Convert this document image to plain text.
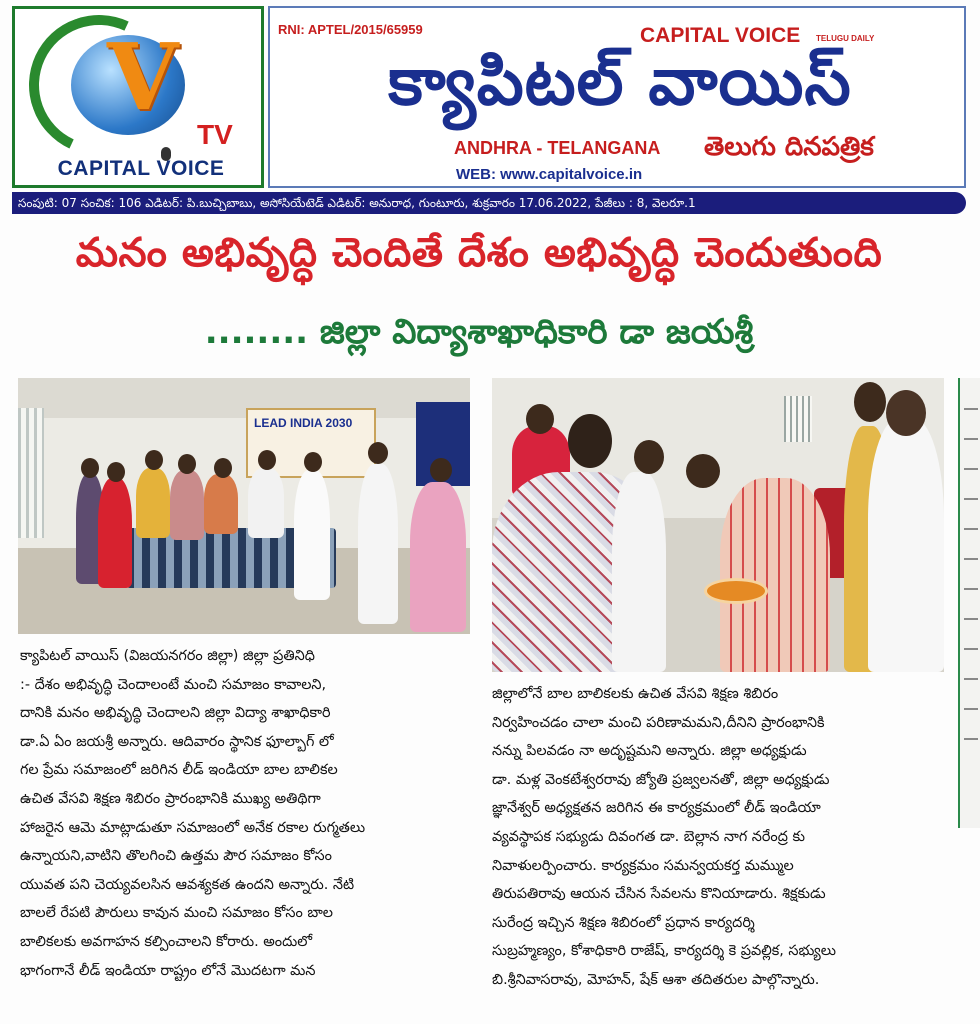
V
TV
CAPITAL VOICE
RNI: APTEL/2015/65959	CAPITAL VOICE TELUGU DAILY
క్యాపిటల్ వాయిస్
ANDHRA - TELANGANA తెలుగు దినపత్రిక
WEB: www.capitalvoice.in
సంపుటి: 07 సంచిక: 106 ఎడిటర్: పి.బుచ్చిబాబు, అసోసియేటెడ్ ఎడిటర్: అనురాధ, గుంటూరు, శుక్రవారం 17.06.2022, పేజీలు : 8, వెలరూ.1
మనం అభివృద్ధి చెందితే దేశం అభివృద్ధి చెందుతుంది
........ జిల్లా విద్యాశాఖాధికారి డా జయశ్రీ
LEAD INDIA 2030

క్యాపిటల్ వాయిస్ (విజయనగరం జిల్లా) జిల్లా ప్రతినిధి

:- దేశం అభివృద్ధి చెందాలంటే మంచి సమాజం కావాలని,

దానికి మనం అభివృద్ధి చెందాలని జిల్లా విద్యా శాఖాధికారి

డా.ఏ ఏం జయశ్రీ అన్నారు. ఆదివారం స్థానిక ఫూల్బాగ్ లో

గల ప్రేమ సమాజంలో జరిగిన లీడ్ ఇండియా బాల బాలికల

ఉచిత వేసవి శిక్షణ శిబిరం ప్రారంభానికి ముఖ్య అతిథిగా

హాజరైన ఆమె మాట్లాడుతూ సమాజంలో అనేక రకాల రుగ్మతలు

ఉన్నాయని,వాటిని తొలగించి ఉత్తమ పౌర సమాజం కోసం

యువత పని చెయ్యవలసిన ఆవశ్యకత ఉందని అన్నారు. నేటి

బాలలే రేపటి పౌరులు కావున మంచి సమాజం కోసం బాల

బాలికలకు అవగాహన కల్పించాలని కోరారు. అందులో

భాగంగానే లీడ్ ఇండియా రాష్ట్రం లోనే మొదటగా మన

జిల్లాలోనే బాల బాలికలకు ఉచిత వేసవి శిక్షణ శిబిరం

నిర్వహించడం చాలా మంచి పరిణామమని,దీనిని ప్రారంభానికి

నన్ను పిలవడం నా అదృష్టమని అన్నారు. జిల్లా అధ్యక్షుడు

డా. మళ్ల వెంకటేశ్వరరావు జ్యోతి ప్రజ్వలనతో, జిల్లా అధ్యక్షుడు

జ్ఞానేశ్వర్ అధ్యక్షతన జరిగిన ఈ కార్యక్రమంలో లీడ్ ఇండియా

వ్యవస్థాపక సభ్యుడు దివంగత డా. బెల్లాన నాగ నరేంద్ర కు

నివాళులర్పించారు. కార్యక్రమం సమన్వయకర్త మమ్ముల

తిరుపతిరావు ఆయన చేసిన సేవలను కొనియాడారు. శిక్షకుడు

సురేంద్ర ఇచ్చిన శిక్షణ శిబిరంలో ప్రధాన కార్యదర్శి

సుబ్రహ్మణ్యం, కోశాధికారి రాజేష్, కార్యదర్శి కె ప్రవల్లిక, సభ్యులు

బి.శ్రీనివాసరావు, మోహన్, షేక్ ఆశా తదితరుల పాల్గొన్నారు.
